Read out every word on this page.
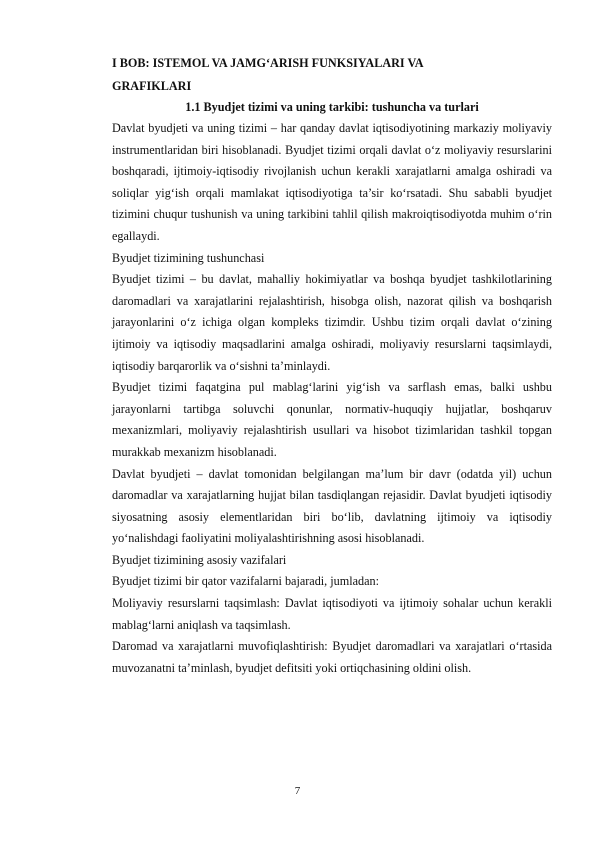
I BOB: ISTEMOL VA JAMG‘ARISH FUNKSIYALARI VA
GRAFIKLARI

1.1 Byudjet tizimi va uning tarkibi: tushuncha va turlari

Davlat byudjeti va uning tizimi – har qanday davlat iqtisodiyotining markaziy moliyaviy instrumentlaridan biri hisoblanadi. Byudjet tizimi orqali davlat o‘z moliyaviy resurslarini boshqaradi, ijtimoiy-iqtisodiy rivojlanish uchun kerakli xarajatlarni amalga oshiradi va soliqlar yig‘ish orqali mamlakat iqtisodiyotiga ta’sir ko‘rsatadi. Shu sababli byudjet tizimini chuqur tushunish va uning tarkibini tahlil qilish makroiqtisodiyotda muhim o‘rin egallaydi.

Byudjet tizimining tushunchasi

Byudjet tizimi – bu davlat, mahalliy hokimiyatlar va boshqa byudjet tashkilotlarining daromadlari va xarajatlarini rejalashtirish, hisobga olish, nazorat qilish va boshqarish jarayonlarini o‘z ichiga olgan kompleks tizimdir. Ushbu tizim orqali davlat o‘zining ijtimoiy va iqtisodiy maqsadlarini amalga oshiradi, moliyaviy resurslarni taqsimlaydi, iqtisodiy barqarorlik va o‘sishni ta’minlaydi.

Byudjet tizimi faqatgina pul mablag‘larini yig‘ish va sarflash emas, balki ushbu jarayonlarni tartibga soluvchi qonunlar, normativ-huquqiy hujjatlar, boshqaruv mexanizmlari, moliyaviy rejalashtirish usullari va hisobot tizimlaridan tashkil topgan murakkab mexanizm hisoblanadi.

Davlat byudjeti – davlat tomonidan belgilangan ma’lum bir davr (odatda yil) uchun daromadlar va xarajatlarning hujjat bilan tasdiqlangan rejasidir. Davlat byudjeti iqtisodiy siyosatning asosiy elementlaridan biri bo‘lib, davlatning ijtimoiy va iqtisodiy yo‘nalishdagi faoliyatini moliyalashtirishning asosi hisoblanadi.

Byudjet tizimining asosiy vazifalari

Byudjet tizimi bir qator vazifalarni bajaradi, jumladan:

Moliyaviy resurslarni taqsimlash: Davlat iqtisodiyoti va ijtimoiy sohalar uchun kerakli mablag‘larni aniqlash va taqsimlash.

Daromad va xarajatlarni muvofiqlashtirish: Byudjet daromadlari va xarajatlari o‘rtasida muvozanatni ta’minlash, byudjet defitsiti yoki ortiqchasining oldini olish.

7
